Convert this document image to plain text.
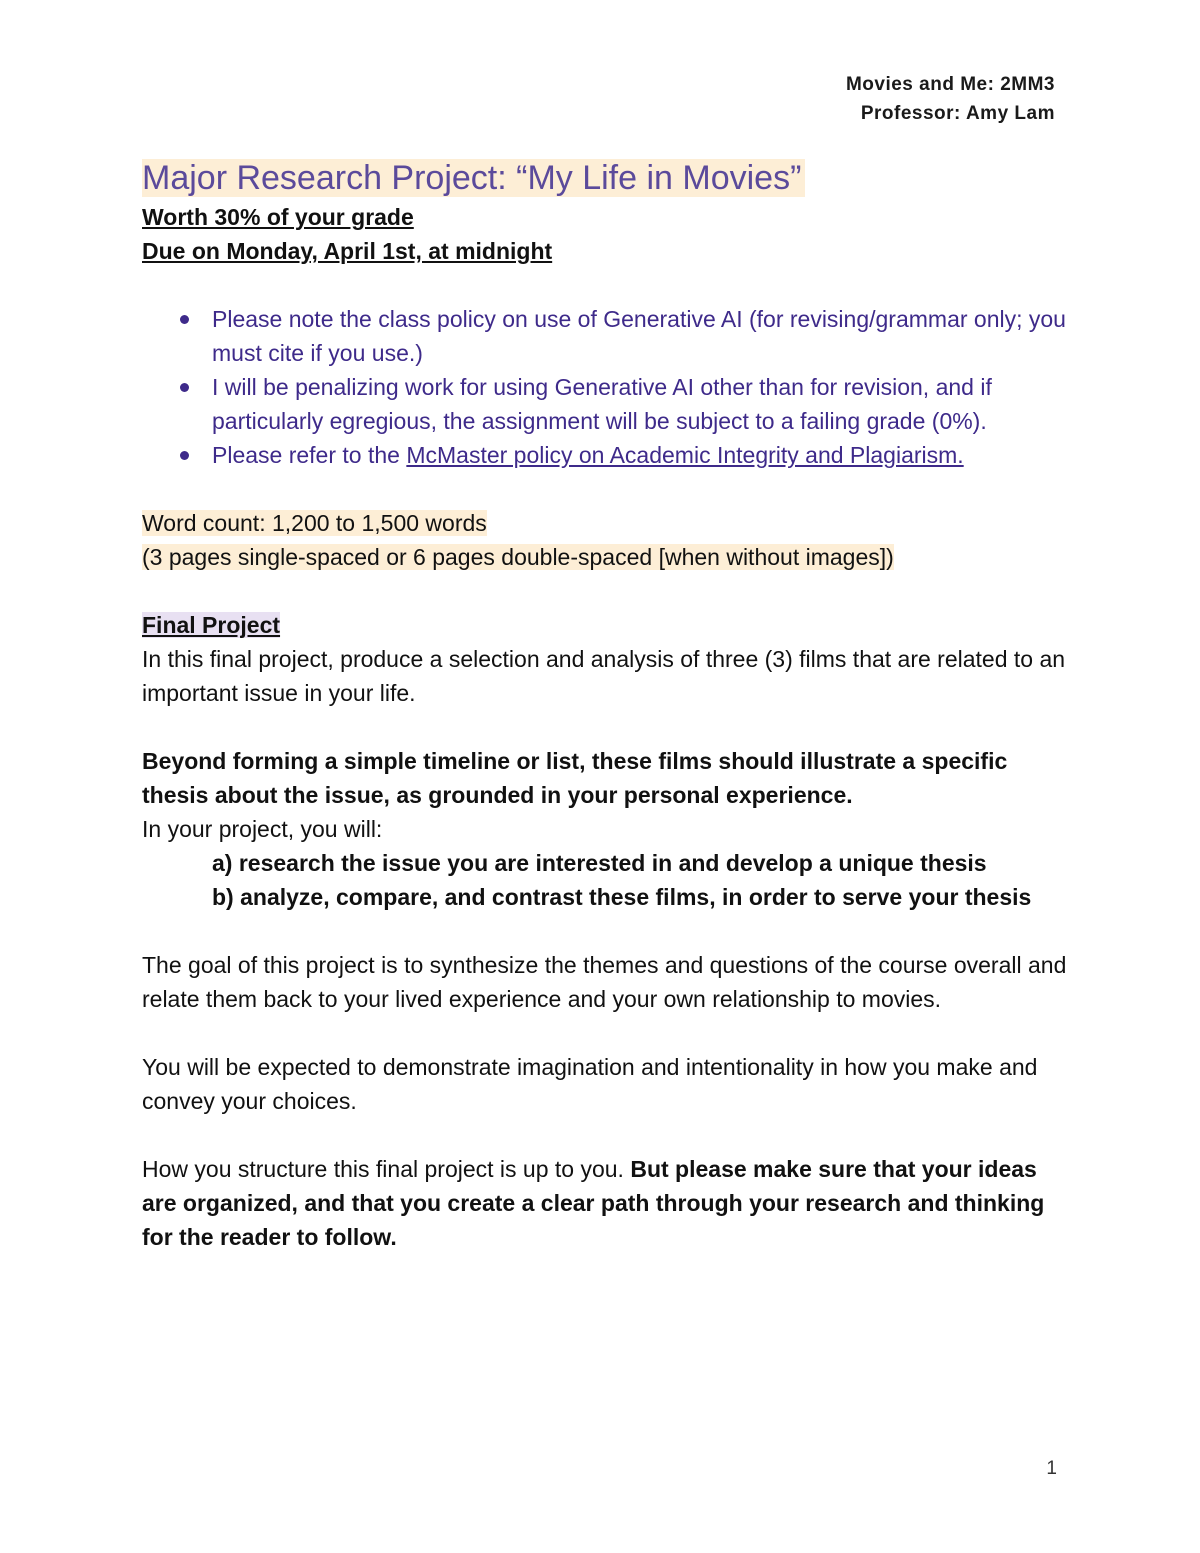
Movies and Me: 2MM3
Professor: Amy Lam
Major Research Project: “My Life in Movies”
Worth 30% of your grade
Due on Monday, April 1st, at midnight
Please note the class policy on use of Generative AI (for revising/grammar only; you must cite if you use.)
I will be penalizing work for using Generative AI other than for revision, and if particularly egregious, the assignment will be subject to a failing grade (0%).
Please refer to the McMaster policy on Academic Integrity and Plagiarism.
Word count: 1,200 to 1,500 words
(3 pages single-spaced or 6 pages double-spaced [when without images])
Final Project
In this final project, produce a selection and analysis of three (3) films that are related to an important issue in your life.
Beyond forming a simple timeline or list, these films should illustrate a specific thesis about the issue, as grounded in your personal experience.
In your project, you will:
a) research the issue you are interested in and develop a unique thesis
b) analyze, compare, and contrast these films, in order to serve your thesis
The goal of this project is to synthesize the themes and questions of the course overall and relate them back to your lived experience and your own relationship to movies.
You will be expected to demonstrate imagination and intentionality in how you make and convey your choices.
How you structure this final project is up to you. But please make sure that your ideas are organized, and that you create a clear path through your research and thinking for the reader to follow.
1
